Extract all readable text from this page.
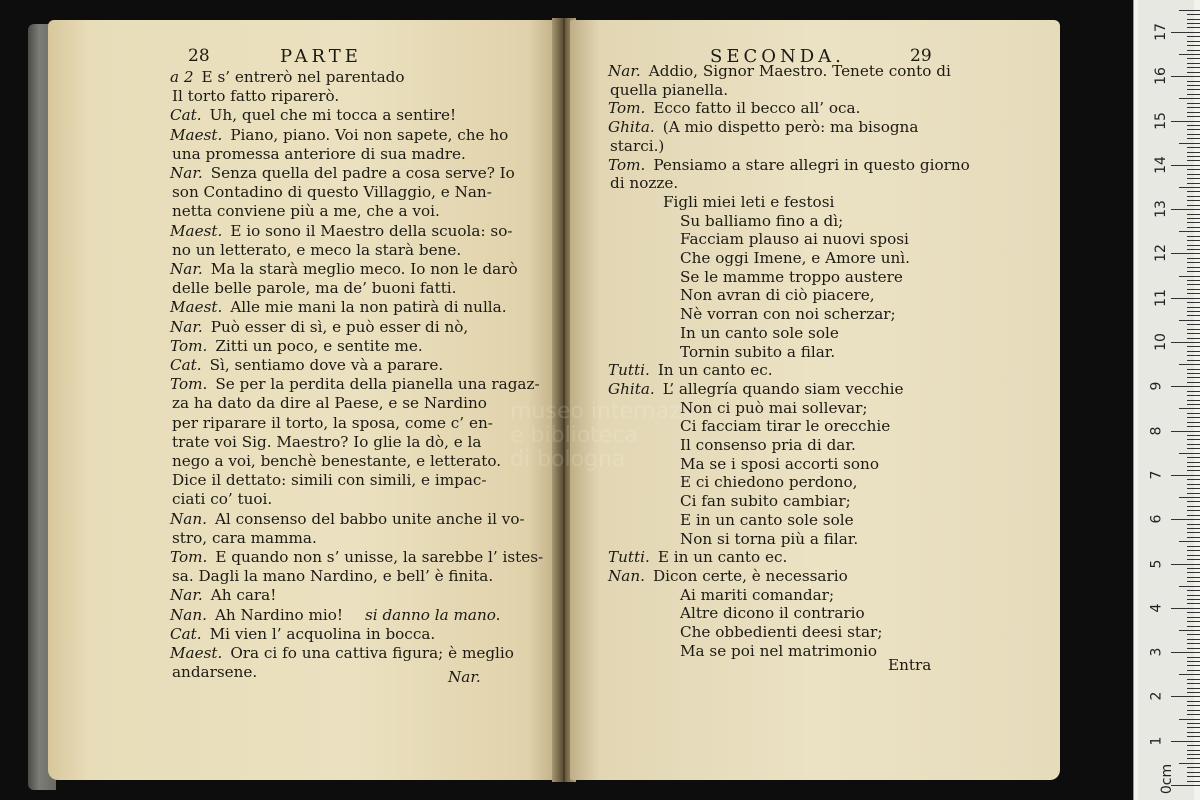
28	PARTE
a 2 E s’ entrerò nel parentado
Il torto fatto riparerò.
Cat. Uh, quel che mi tocca a sentire!
Maest. Piano, piano. Voi non sapete, che ho
una promessa anteriore di sua madre.
Nar. Senza quella del padre a cosa serve? Io
son Contadino di questo Villaggio, e Nan-
netta conviene più a me, che a voi.
Maest. E io sono il Maestro della scuola: so-
no un letterato, e meco la starà bene.
Nar. Ma la starà meglio meco. Io non le darò
delle belle parole, ma de’ buoni fatti.
Maest. Alle mie mani la non patirà di nulla.
Nar. Può esser di sì, e può esser di nò,
Tom. Zitti un poco, e sentite me.
Cat. Sì, sentiamo dove và a parare.
Tom. Se per la perdita della pianella una ragaz-
za ha dato da dire al Paese, e se Nardino
per riparare il torto, la sposa, come c’ en-
trate voi Sig. Maestro? Io glie la dò, e la
nego a voi, benchè benestante, e letterato.
Dice il dettato: simili con simili, e impac-
ciati co’ tuoi.
Nan. Al consenso del babbo unite anche il vo-
stro, cara mamma.
Tom. E quando non s’ unisse, la sarebbe l’ istes-
sa. Dagli la mano Nardino, e bell’ è finita.
Nar. Ah cara!
Nan. Ah Nardino mio! si danno la mano.
Cat. Mi vien l’ acquolina in bocca.
Maest. Ora ci fo una cattiva figura; è meglio
andarsene.	Nar.
SECONDA.	29
Nar. Addio, Signor Maestro. Tenete conto di
quella pianella.
Tom. Ecco fatto il becco all’ oca.
Ghita. (A mio dispetto però: ma bisogna
starci.)
Tom. Pensiamo a stare allegri in questo giorno
di nozze.
Figli miei leti e festosi
Su balliamo fino a dì;
Facciam plauso ai nuovi sposi
Che oggi Imene, e Amore unì.
Se le mamme troppo austere
Non avran di ciò piacere,
Nè vorran con noi scherzar;
In un canto sole sole
Tornin subito a filar.
Tutti. In un canto ec.
Ghita. L’ allegría quando siam vecchie
Non ci può mai sollevar;
Ci facciam tirar le orecchie
Il consenso pria di dar.
Ma se i sposi accorti sono
E ci chiedono perdono,
Ci fan subito cambiar;
E in un canto sole sole
Non si torna più a filar.
Tutti. E in un canto ec.
Nan. Dicon certe, è necessario
Ai mariti comandar;
Altre dicono il contrario
Che obbedienti deesi star;
Ma se poi nel matrimonio
Entra

0cm
1
2
3
4
5
6
7
8
9
10
11
12
13
14
15
16
17
